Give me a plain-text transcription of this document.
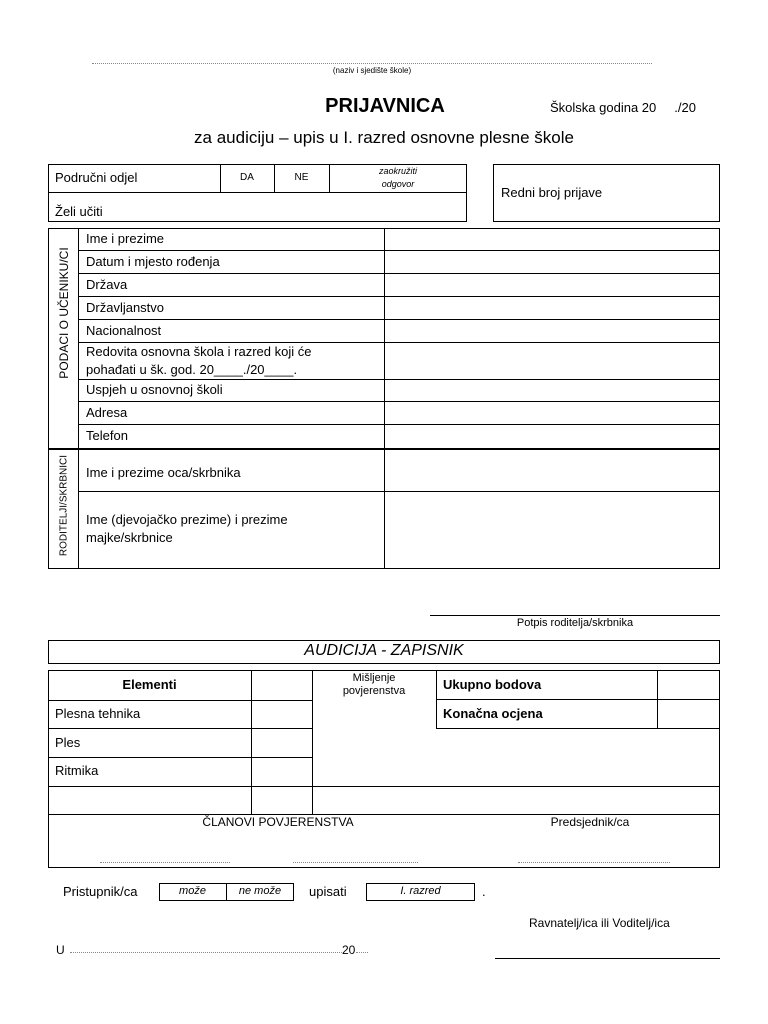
(naziv i sjedište škole)
PRIJAVNICA	Školska godina 20     ./20
za audiciju – upis u I. razred osnovne plesne škole
Područni odjel	DA	NE
zaokružiti
odgovor
Želi učiti
Redni broj prijave
Ime i prezime
Datum i mjesto rođenja
Država
Državljanstvo
Nacionalnost
Redovita osnovna škola i razred koji će
pohađati u šk. god. 20____./20____.
Uspjeh u osnovnoj školi
Adresa
Telefon
PODACI O UČENIKU/CI
RODITELJI/SKRBNICI Ime i prezime oca/skrbnika
Ime (djevojačko prezime) i prezime
majke/skrbnice
Potpis roditelja/skrbnika
AUDICIJA - ZAPISNIK
Elementi
Plesna tehnika
Ples
Ritmika
Mišljenje
povjerenstva	Ukupno bodova
Konačna ocjena
ČLANOVI POVJERENSTVA	Predsjednik/ca
Pristupnik/ca	može	ne može	upisati	I. razred	.
Ravnatelj/ica ili Voditelj/ica
U	20
